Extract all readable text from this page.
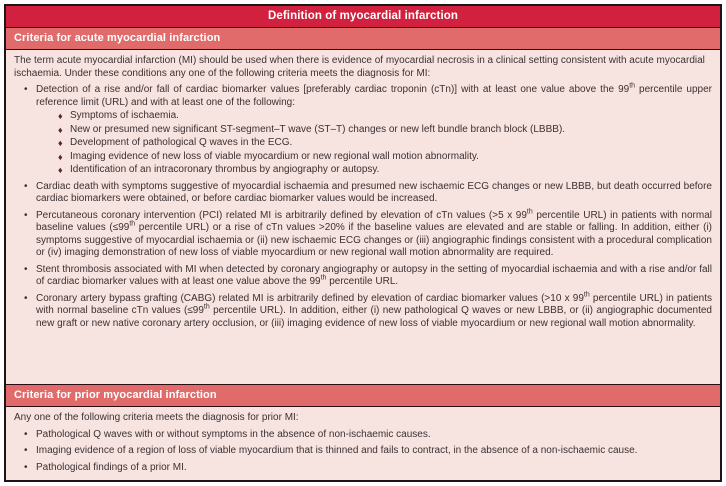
Definition of myocardial infarction
Criteria for acute myocardial infarction

The term acute myocardial infarction (MI) should be used when there is evidence of myocardial necrosis in a clinical setting consistent with acute myocardial ischaemia. Under these conditions any one of the following criteria meets the diagnosis for MI:

• Detection of a rise and/or fall of cardiac biomarker values [preferably cardiac troponin (cTn)] with at least one value above the 99th percentile upper reference limit (URL) and with at least one of the following:
♦ Symptoms of ischaemia.
♦ New or presumed new significant ST-segment–T wave (ST–T) changes or new left bundle branch block (LBBB).
♦ Development of pathological Q waves in the ECG.
♦ Imaging evidence of new loss of viable myocardium or new regional wall motion abnormality.
♦ Identification of an intracoronary thrombus by angiography or autopsy.
• Cardiac death with symptoms suggestive of myocardial ischaemia and presumed new ischaemic ECG changes or new LBBB, but death occurred before cardiac biomarkers were obtained, or before cardiac biomarker values would be increased.
• Percutaneous coronary intervention (PCI) related MI is arbitrarily defined by elevation of cTn values (>5 x 99th percentile URL) in patients with normal baseline values (≤99th percentile URL) or a rise of cTn values >20% if the baseline values are elevated and are stable or falling. In addition, either (i) symptoms suggestive of myocardial ischaemia or (ii) new ischaemic ECG changes or (iii) angiographic findings consistent with a procedural complication or (iv) imaging demonstration of new loss of viable myocardium or new regional wall motion abnormality are required.
• Stent thrombosis associated with MI when detected by coronary angiography or autopsy in the setting of myocardial ischaemia and with a rise and/or fall of cardiac biomarker values with at least one value above the 99th percentile URL.
• Coronary artery bypass grafting (CABG) related MI is arbitrarily defined by elevation of cardiac biomarker values (>10 x 99th percentile URL) in patients with normal baseline cTn values (≤99th percentile URL). In addition, either (i) new pathological Q waves or new LBBB, or (ii) angiographic documented new graft or new native coronary artery occlusion, or (iii) imaging evidence of new loss of viable myocardium or new regional wall motion abnormality.
Criteria for prior myocardial infarction

Any one of the following criteria meets the diagnosis for prior MI:

• Pathological Q waves with or without symptoms in the absence of non-ischaemic causes.
• Imaging evidence of a region of loss of viable myocardium that is thinned and fails to contract, in the absence of a non-ischaemic cause.
• Pathological findings of a prior MI.
